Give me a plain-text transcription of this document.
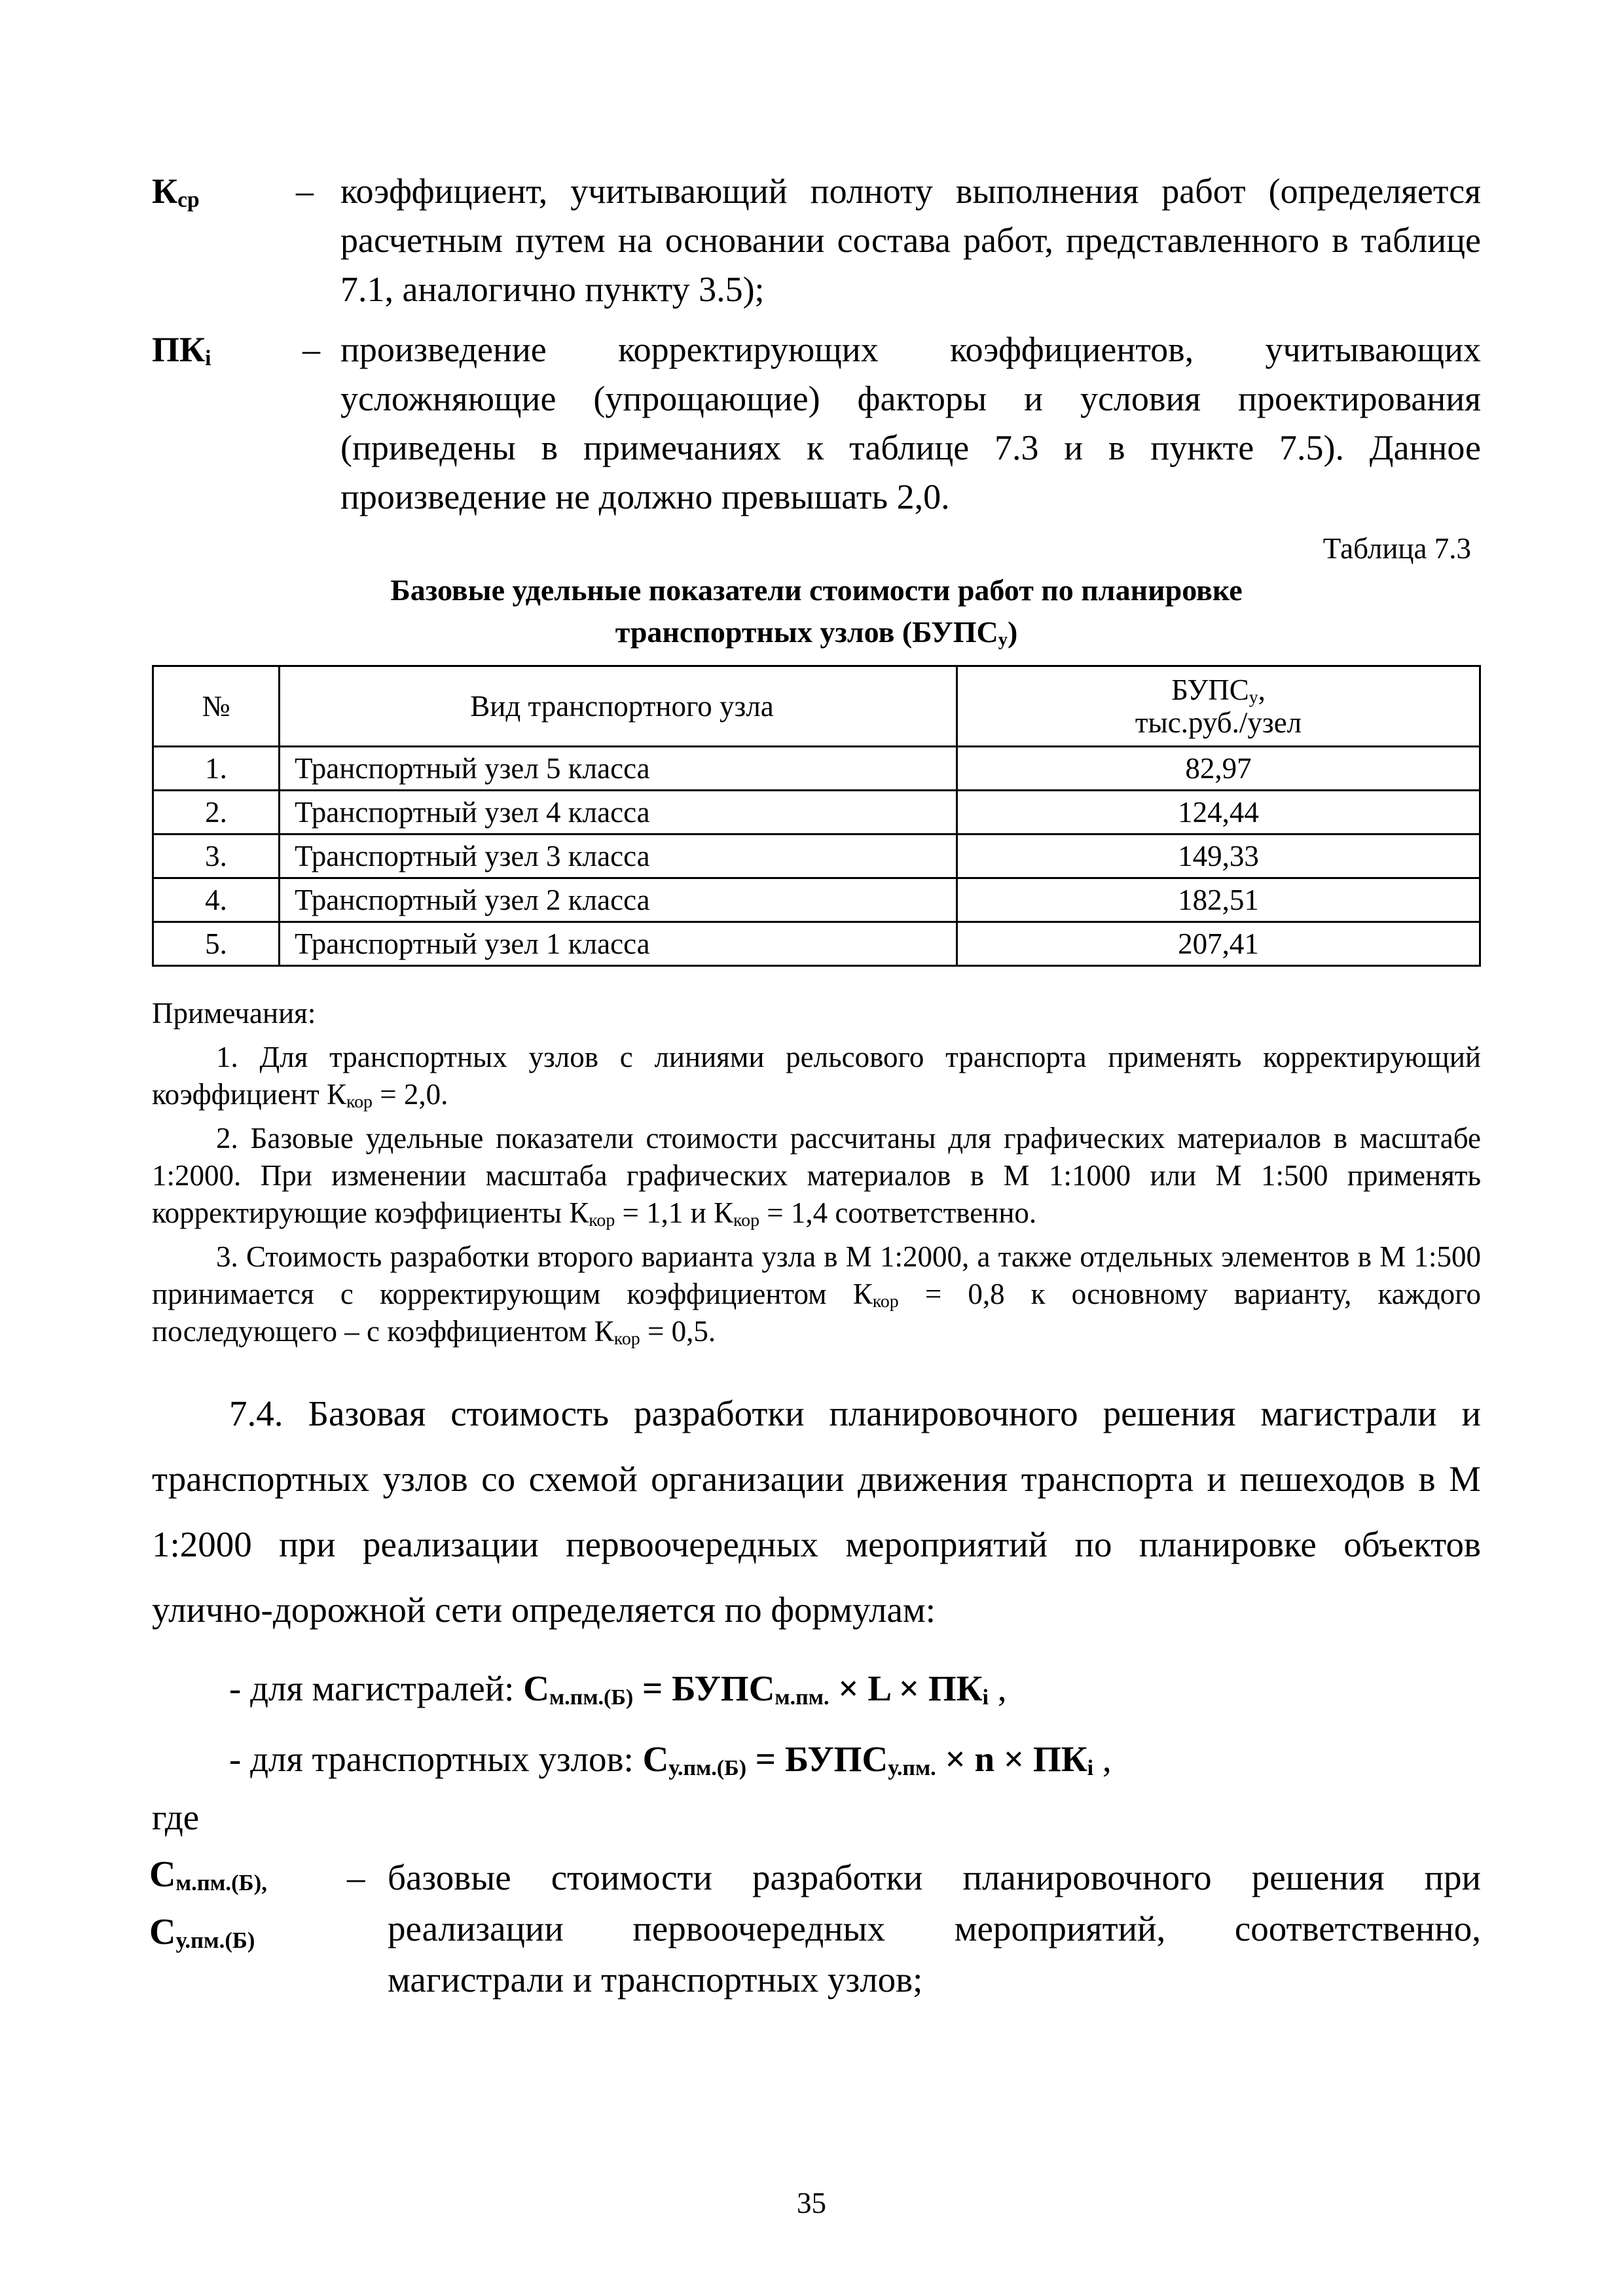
Кср	– коэффициент, учитывающий полноту выполнения работ (определяется расчетным путем на основании состава работ, представленного в таблице 7.1, аналогично пункту 3.5);
ПКi	– произведение корректирующих коэффициентов, учитывающих усложняющие (упрощающие) факторы и условия проектирования (приведены в примечаниях к таблице 7.3 и в пункте 7.5). Данное произведение не должно превышать 2,0.
Таблица 7.3
Базовые удельные показатели стоимости работ по планировке
транспортных узлов (БУПСу)
№	Вид транспортного узла	БУПСу,
тыс.руб./узел

1.	Транспортный узел 5 класса	82,97
2.	Транспортный узел 4 класса	124,44
3.	Транспортный узел 3 класса	149,33
4.	Транспортный узел 2 класса	182,51
5.	Транспортный узел 1 класса	207,41
Примечания:

1. Для транспортных узлов с линиями рельсового транспорта применять корректирующий коэффициент Ккор = 2,0.

2. Базовые удельные показатели стоимости рассчитаны для графических материалов в масштабе 1:2000. При изменении масштаба графических материалов в М 1:1000 или М 1:500 применять корректирующие коэффициенты Ккор = 1,1 и Ккор = 1,4 соответственно.

3. Стоимость разработки второго варианта узла в М 1:2000, а также отдельных элементов в М 1:500 принимается с корректирующим коэффициентом Ккор = 0,8 к основному варианту, каждого последующего – с коэффициентом Ккор = 0,5.

7.4. Базовая стоимость разработки планировочного решения магистрали и транспортных узлов со схемой организации движения транспорта и пешеходов в М 1:2000 при реализации первоочередных мероприятий по планировке объектов улично-дорожной сети определяется по формулам:

- для магистралей: См.пм.(Б) = БУПСм.пм. × L × ПКi ,
- для транспортных узлов: Су.пм.(Б) = БУПСу.пм. × n × ПКi ,
где
См.пм.(Б),
Су.пм.(Б)
– базовые стоимости разработки планировочного решения при реализации первоочередных мероприятий, соответственно, магистрали и транспортных узлов;
35
